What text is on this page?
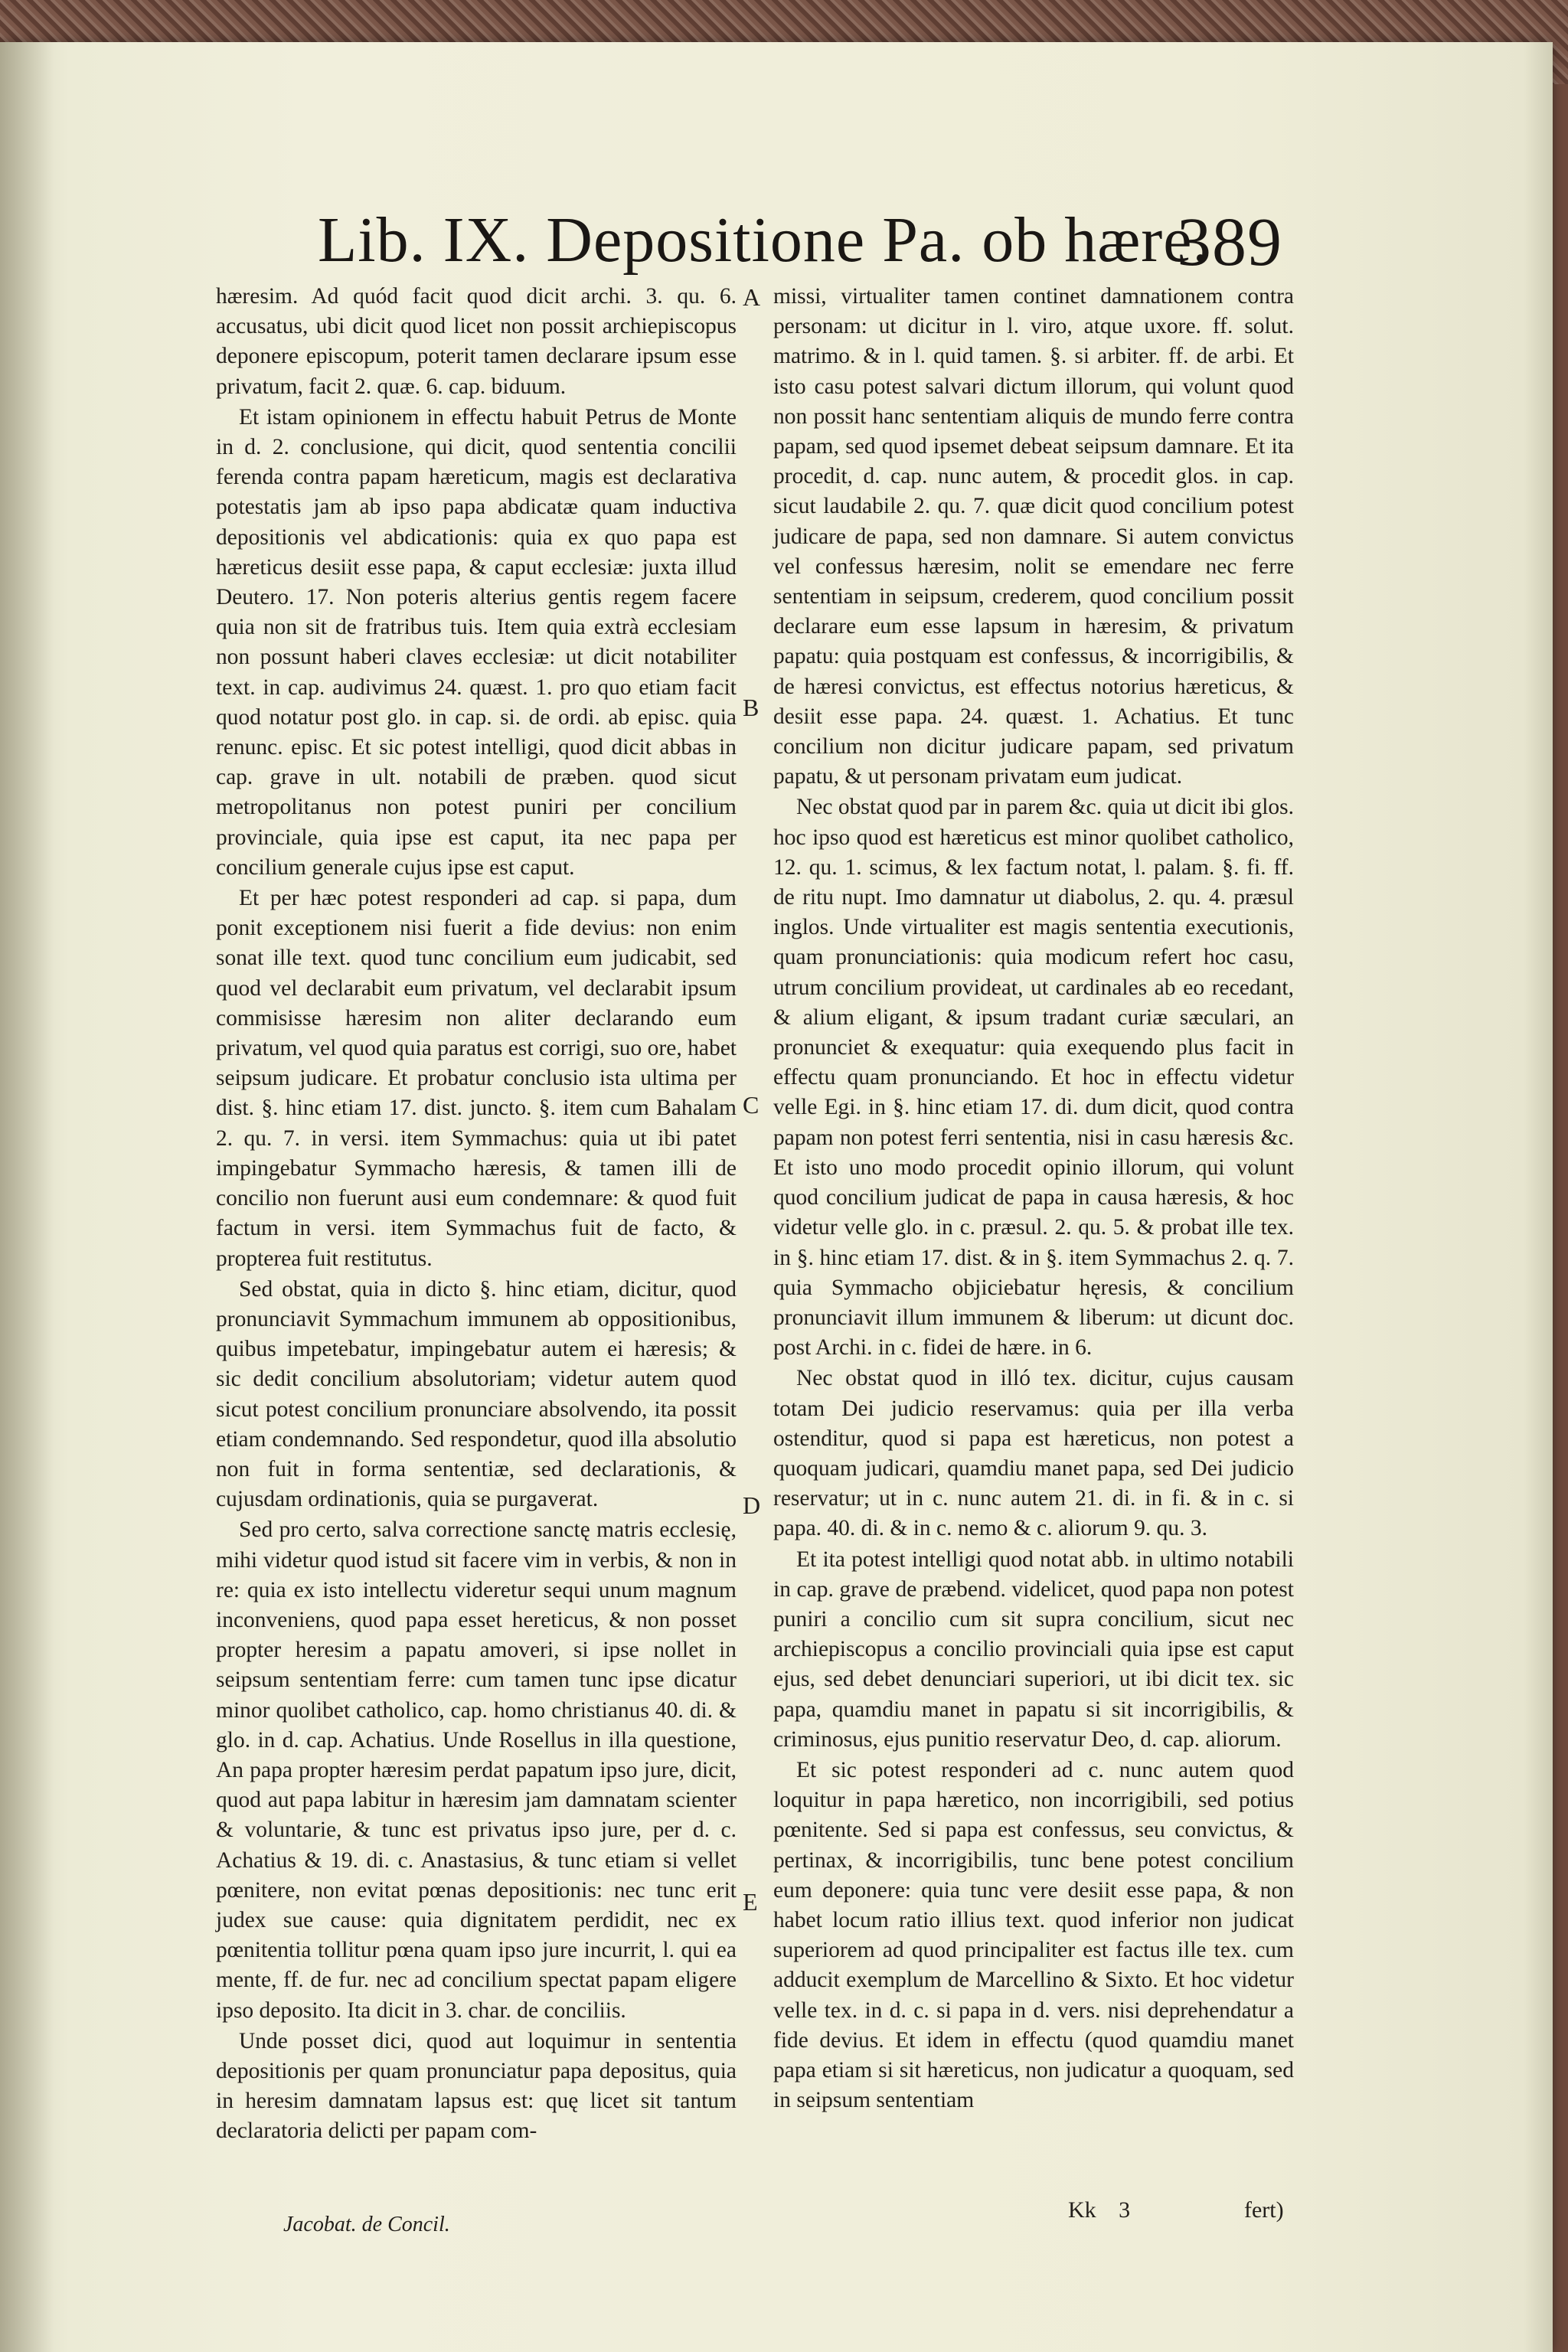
Lib. IX. Depositione Pa. ob hære.
389

hæresim. Ad quód facit quod dicit archi. 3. qu. 6. accusatus, ubi dicit quod licet non possit archiepiscopus deponere episcopum, poterit tamen declarare ipsum esse privatum, facit 2. quæ. 6. cap. biduum.

Et istam opinionem in effectu habuit Petrus de Monte in d. 2. conclusione, qui dicit, quod sententia concilii ferenda contra papam hæreticum, magis est declarativa potestatis jam ab ipso papa abdicatæ quam inductiva depositionis vel abdicationis: quia ex quo papa est hæreticus desiit esse papa, & caput ecclesiæ: juxta illud Deutero. 17. Non poteris alterius gentis regem facere quia non sit de fratribus tuis. Item quia extrà ecclesiam non possunt haberi claves ecclesiæ: ut dicit notabiliter text. in cap. audivimus 24. quæst. 1. pro quo etiam facit quod notatur post glo. in cap. si. de ordi. ab episc. quia renunc. episc. Et sic potest intelligi, quod dicit abbas in cap. grave in ult. notabili de præben. quod sicut metropolitanus non potest puniri per concilium provinciale, quia ipse est caput, ita nec papa per concilium generale cujus ipse est caput.

Et per hæc potest responderi ad cap. si papa, dum ponit exceptionem nisi fuerit a fide devius: non enim sonat ille text. quod tunc concilium eum judicabit, sed quod vel declarabit eum privatum, vel declarabit ipsum commisisse hæresim non aliter declarando eum privatum, vel quod quia paratus est corrigi, suo ore, habet seipsum judicare. Et probatur conclusio ista ultima per dist. §. hinc etiam 17. dist. juncto. §. item cum Bahalam 2. qu. 7. in versi. item Symmachus: quia ut ibi patet impingebatur Symmacho hæresis, & tamen illi de concilio non fuerunt ausi eum condemnare: & quod fuit factum in versi. item Symmachus fuit de facto, & propterea fuit restitutus.

Sed obstat, quia in dicto §. hinc etiam, dicitur, quod pronunciavit Symmachum immunem ab oppositionibus, quibus impetebatur, impingebatur autem ei hæresis; & sic dedit concilium absolutoriam; videtur autem quod sicut potest concilium pronunciare absolvendo, ita possit etiam condemnando. Sed respondetur, quod illa absolutio non fuit in forma sententiæ, sed declarationis, & cujusdam ordinationis, quia se purgaverat.

Sed pro certo, salva correctione sanctę matris ecclesię, mihi videtur quod istud sit facere vim in verbis, & non in re: quia ex isto intellectu videretur sequi unum magnum inconveniens, quod papa esset hereticus, & non posset propter heresim a papatu amoveri, si ipse nollet in seipsum sententiam ferre: cum tamen tunc ipse dicatur minor quolibet catholico, cap. homo christianus 40. di. & glo. in d. cap. Achatius. Unde Rosellus in illa questione, An papa propter hæresim perdat papatum ipso jure, dicit, quod aut papa labitur in hæresim jam damnatam scienter & voluntarie, & tunc est privatus ipso jure, per d. c. Achatius & 19. di. c. Anastasius, & tunc etiam si vellet pœnitere, non evitat pœnas depositionis: nec tunc erit judex sue cause: quia dignitatem perdidit, nec ex pœnitentia tollitur pœna quam ipso jure incurrit, l. qui ea mente, ff. de fur. nec ad concilium spectat papam eligere ipso deposito. Ita dicit in 3. char. de conciliis.

Unde posset dici, quod aut loquimur in sententia depositionis per quam pronunciatur papa depositus, quia in heresim damnatam lapsus est: quę licet sit tantum declaratoria delicti per papam com-

A
B
C
D
E

missi, virtualiter tamen continet damnationem contra personam: ut dicitur in l. viro, atque uxore. ff. solut. matrimo. & in l. quid tamen. §. si arbiter. ff. de arbi. Et isto casu potest salvari dictum illorum, qui volunt quod non possit hanc sententiam aliquis de mundo ferre contra papam, sed quod ipsemet debeat seipsum damnare. Et ita procedit, d. cap. nunc autem, & procedit glos. in cap. sicut laudabile 2. qu. 7. quæ dicit quod concilium potest judicare de papa, sed non damnare. Si autem convictus vel confessus hæresim, nolit se emendare nec ferre sententiam in seipsum, crederem, quod concilium possit declarare eum esse lapsum in hæresim, & privatum papatu: quia postquam est confessus, & incorrigibilis, & de hæresi convictus, est effectus notorius hæreticus, & desiit esse papa. 24. quæst. 1. Achatius. Et tunc concilium non dicitur judicare papam, sed privatum papatu, & ut personam privatam eum judicat.

Nec obstat quod par in parem &c. quia ut dicit ibi glos. hoc ipso quod est hæreticus est minor quolibet catholico, 12. qu. 1. scimus, & lex factum notat, l. palam. §. fi. ff. de ritu nupt. Imo damnatur ut diabolus, 2. qu. 4. præsul inglos. Unde virtualiter est magis sententia executionis, quam pronunciationis: quia modicum refert hoc casu, utrum concilium provideat, ut cardinales ab eo recedant, & alium eligant, & ipsum tradant curiæ sæculari, an pronunciet & exequatur: quia exequendo plus facit in effectu quam pronunciando. Et hoc in effectu videtur velle Egi. in §. hinc etiam 17. di. dum dicit, quod contra papam non potest ferri sententia, nisi in casu hæresis &c. Et isto uno modo procedit opinio illorum, qui volunt quod concilium judicat de papa in causa hæresis, & hoc videtur velle glo. in c. præsul. 2. qu. 5. & probat ille tex. in §. hinc etiam 17. dist. & in §. item Symmachus 2. q. 7. quia Symmacho objiciebatur hęresis, & concilium pronunciavit illum immunem & liberum: ut dicunt doc. post Archi. in c. fidei de hære. in 6.

Nec obstat quod in illó tex. dicitur, cujus causam totam Dei judicio reservamus: quia per illa verba ostenditur, quod si papa est hæreticus, non potest a quoquam judicari, quamdiu manet papa, sed Dei judicio reservatur; ut in c. nunc autem 21. di. in fi. & in c. si papa. 40. di. & in c. nemo & c. aliorum 9. qu. 3.

Et ita potest intelligi quod notat abb. in ultimo notabili in cap. grave de præbend. videlicet, quod papa non potest puniri a concilio cum sit supra concilium, sicut nec archiepiscopus a concilio provinciali quia ipse est caput ejus, sed debet denunciari superiori, ut ibi dicit tex. sic papa, quamdiu manet in papatu si sit incorrigibilis, & criminosus, ejus punitio reservatur Deo, d. cap. aliorum.

Et sic potest responderi ad c. nunc autem quod loquitur in papa hæretico, non incorrigibili, sed potius pœnitente. Sed si papa est confessus, seu convictus, & pertinax, & incorrigibilis, tunc bene potest concilium eum deponere: quia tunc vere desiit esse papa, & non habet locum ratio illius text. quod inferior non judicat superiorem ad quod principaliter est factus ille tex. cum adducit exemplum de Marcellino & Sixto. Et hoc videtur velle tex. in d. c. si papa in d. vers. nisi deprehendatur a fide devius. Et idem in effectu (quod quamdiu manet papa etiam si sit hæreticus, non judicatur a quoquam, sed in seipsum sententiam

Jacobat. de Concil.
Kk 3	fert)
